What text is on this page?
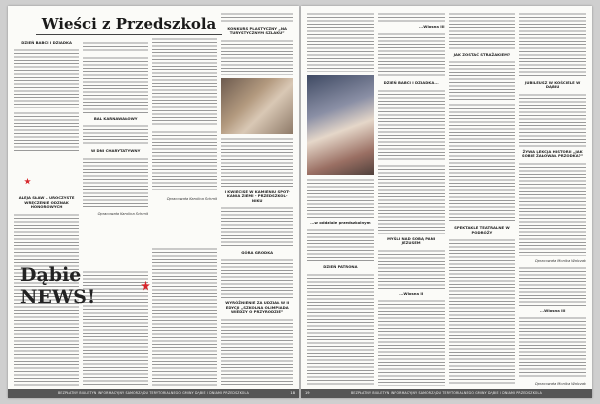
DZIEŃ BABCI I DZIADKA
ALEJA SŁAW – UROCZYSTE WRĘCZENIE ODZNAK HONOROWYCH
Wieści z Przedszkola
BAL KARNAWAŁOWY
W DNI CHARYTATYWNY
Opracowała Karolina Schmit
Dąbie NEWS!
Opracowała Karolina Schmit
KONKURS PLASTYCZNY „NA TURYSTYCZNYM SZLAKU”
I KWIECISE W KAMIENIU SPOT- KANIA ZIEMI - PRZEDSZKOL- NIKU
GÓRA GRODKA
WYRÓŻNIENIE ZA UDZIAŁ W II EDYCJI „SZKOLNA OLIMPIADA WIEDZY O PRZYRODZIE”
BEZPŁATNY BIULETYN INFORMACYJNY SAMORZĄDU TERYTORIALNEGO GMINY DĄBIE I DNIAMI PRZEDSZKOLA	18
...w oddziale przedszkolnym
DZIEŃ PATRONA
...Wiosna III
DZIEŃ BABCI I DZIADKA...
MYŚLI NAD SOBĄ PANI JEZUSEM
...Wiosna II
JAK ZOSTAĆ STRAŻAKIEM?
SPEKTAKLE TEATRALNE W PODRÓŻY
JUBILEUSZ W KOŚCIELE W DĄBIU
ŻYWA LEKCJA HISTORII „JAK SOBIE ŻAŁOWAŁ PRZODKA?”
Opracowała Monika Walczak
...Wiosna III
Opracowała Monika Walczak
BEZPŁATNY BIULETYN INFORMACYJNY SAMORZĄDU TERYTORIALNEGO GMINY DĄBIE I DNIAMI PRZEDSZKOLA
19
